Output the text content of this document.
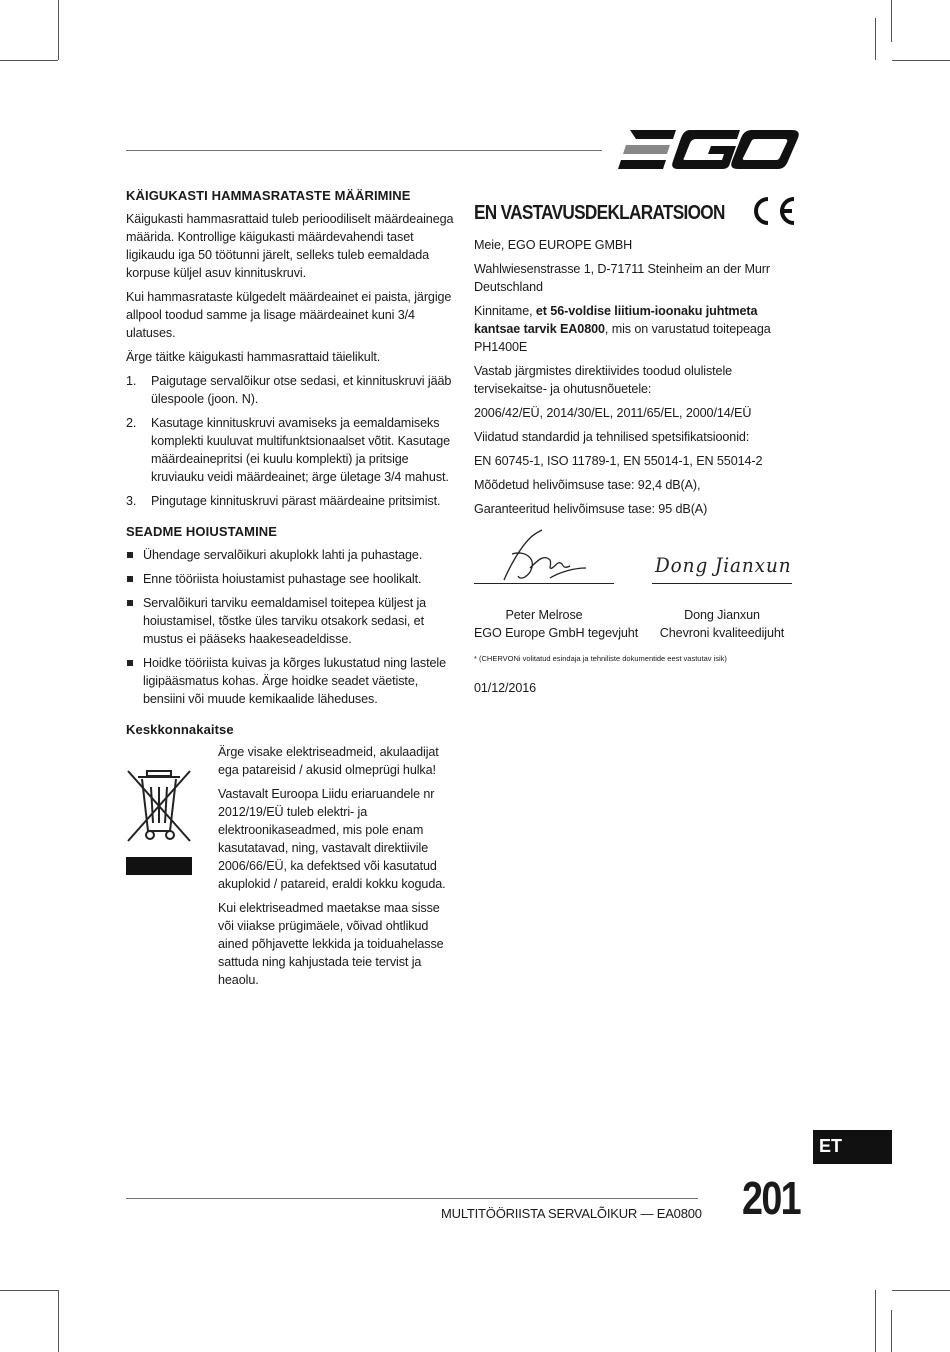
KÄIGUKASTI HAMMASRATASTE MÄÄRIMINE

Käigukasti hammasrattaid tuleb perioodiliselt määrdeainega määrida. Kontrollige käigukasti määrdevahendi taset ligikaudu iga 50 töötunni järelt, selleks tuleb eemaldada korpuse küljel asuv kinnituskruvi.

Kui hammasrataste külgedelt määrdeainet ei paista, järgige allpool toodud samme ja lisage määrdeainet kuni 3/4 ulatuses.

Ärge täitke käigukasti hammasrattaid täielikult.

1. Paigutage servalõikur otse sedasi, et kinnituskruvi jääb ülespoole (joon. N).
2. Kasutage kinnituskruvi avamiseks ja eemaldamiseks komplekti kuuluvat multifunktsionaalset võtit. Kasutage määrdeainepritsi (ei kuulu komplekti) ja pritsige kruviauku veidi määrdeainet; ärge ületage 3/4 mahust.
3. Pingutage kinnituskruvi pärast määrdeaine pritsimist.
SEADME HOIUSTAMINE
Ühendage servalõikuri akuplokk lahti ja puhastage.
Enne tööriista hoiustamist puhastage see hoolikalt.
Servalõikuri tarviku eemaldamisel toitepea küljest ja hoiustamisel, tõstke üles tarviku otsakork sedasi, et mustus ei pääseks haakeseadeldisse.
Hoidke tööriista kuivas ja kõrges lukustatud ning lastele ligipääsmatus kohas. Ärge hoidke seadet väetiste, bensiini või muude kemikaalide läheduses.
Keskkonnakaitse

Ärge visake elektriseadmeid, akulaadijat ega patareisid / akusid olmeprügi hulka!

Vastavalt Euroopa Liidu eriaruandele nr 2012/19/EÜ tuleb elektri- ja elektroonikaseadmed, mis pole enam kasutatavad, ning, vastavalt direktiivile 2006/66/EÜ, ka defektsed või kasutatud akuplokid / patareid, eraldi kokku koguda.

Kui elektriseadmed maetakse maa sisse või viiakse prügimäele, võivad ohtlikud ained põhjavette lekkida ja toiduahelasse sattuda ning kahjustada teie tervist ja heaolu.

EN VASTAVUSDEKLARATSIOON

Meie, EGO EUROPE GMBH

Wahlwiesenstrasse 1, D-71711 Steinheim an der Murr Deutschland

Kinnitame, et 56-voldise liitium-ioonaku juhtmeta kantsae tarvik EA0800, mis on varustatud toitepeaga PH1400E

Vastab järgmistes direktiivides toodud olulistele tervisekaitse- ja ohutusnõuetele:

2006/42/EÜ, 2014/30/EL, 2011/65/EL, 2000/14/EÜ

Viidatud standardid ja tehnilised spetsifikatsioonid:

EN 60745-1, ISO 11789-1, EN 55014-1, EN 55014-2

Mõõdetud helivõimsuse tase: 92,4 dB(A),

Garanteeritud helivõimsuse tase: 95 dB(A)

Dong Jianxun

Peter Melrose

EGO Europe GmbH tegevjuht

Dong Jianxun

Chevroni kvaliteedijuht

* (CHERVONi volitatud esindaja ja tehniliste dokumentide eest vastutav isik)
01/12/2016
ET
MULTITÖÖRIISTA SERVALÕIKUR — EA0800 201
